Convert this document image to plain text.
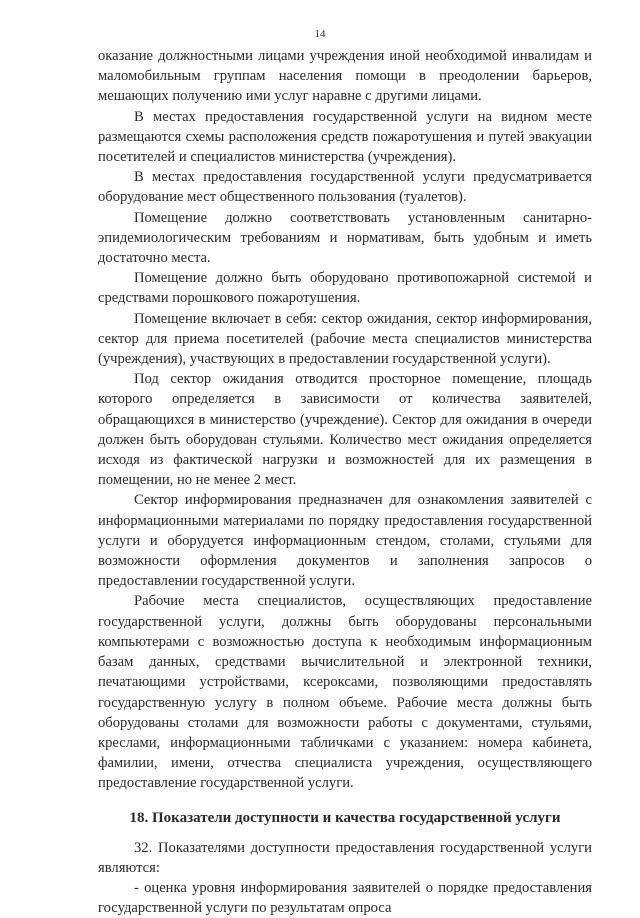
14

оказание должностными лицами учреждения иной необходимой инвалидам и маломобильным группам населения помощи в преодолении барьеров, мешающих получению ими услуг наравне с другими лицами.

В местах предоставления государственной услуги на видном месте размещаются схемы расположения средств пожаротушения и путей эвакуации посетителей и специалистов министерства (учреждения).

В местах предоставления государственной услуги предусматривается оборудование мест общественного пользования (туалетов).

Помещение должно соответствовать установленным санитарно-эпидемиологическим требованиям и нормативам, быть удобным и иметь достаточно места.

Помещение должно быть оборудовано противопожарной системой и средствами порошкового пожаротушения.

Помещение включает в себя: сектор ожидания, сектор информирования, сектор для приема посетителей (рабочие места специалистов министерства (учреждения), участвующих в предоставлении государственной услуги).

Под сектор ожидания отводится просторное помещение, площадь которого определяется в зависимости от количества заявителей, обращающихся в министерство (учреждение). Сектор для ожидания в очереди должен быть оборудован стульями. Количество мест ожидания определяется исходя из фактической нагрузки и возможностей для их размещения в помещении, но не менее 2 мест.

Сектор информирования предназначен для ознакомления заявителей с информационными материалами по порядку предоставления государственной услуги и оборудуется информационным стендом, столами, стульями для возможности оформления документов и заполнения запросов о предоставлении государственной услуги.

Рабочие места специалистов, осуществляющих предоставление государственной услуги, должны быть оборудованы персональными компьютерами с возможностью доступа к необходимым информационным базам данных, средствами вычислительной и электронной техники, печатающими устройствами, ксероксами, позволяющими предоставлять государственную услугу в полном объеме. Рабочие места должны быть оборудованы столами для возможности работы с документами, стульями, креслами, информационными табличками с указанием: номера кабинета, фамилии, имени, отчества специалиста учреждения, осуществляющего предоставление государственной услуги.

18. Показатели доступности и качества государственной услуги

32. Показателями доступности предоставления государственной услуги являются:

- оценка уровня информирования заявителей о порядке предоставления государственной услуги по результатам опроса
